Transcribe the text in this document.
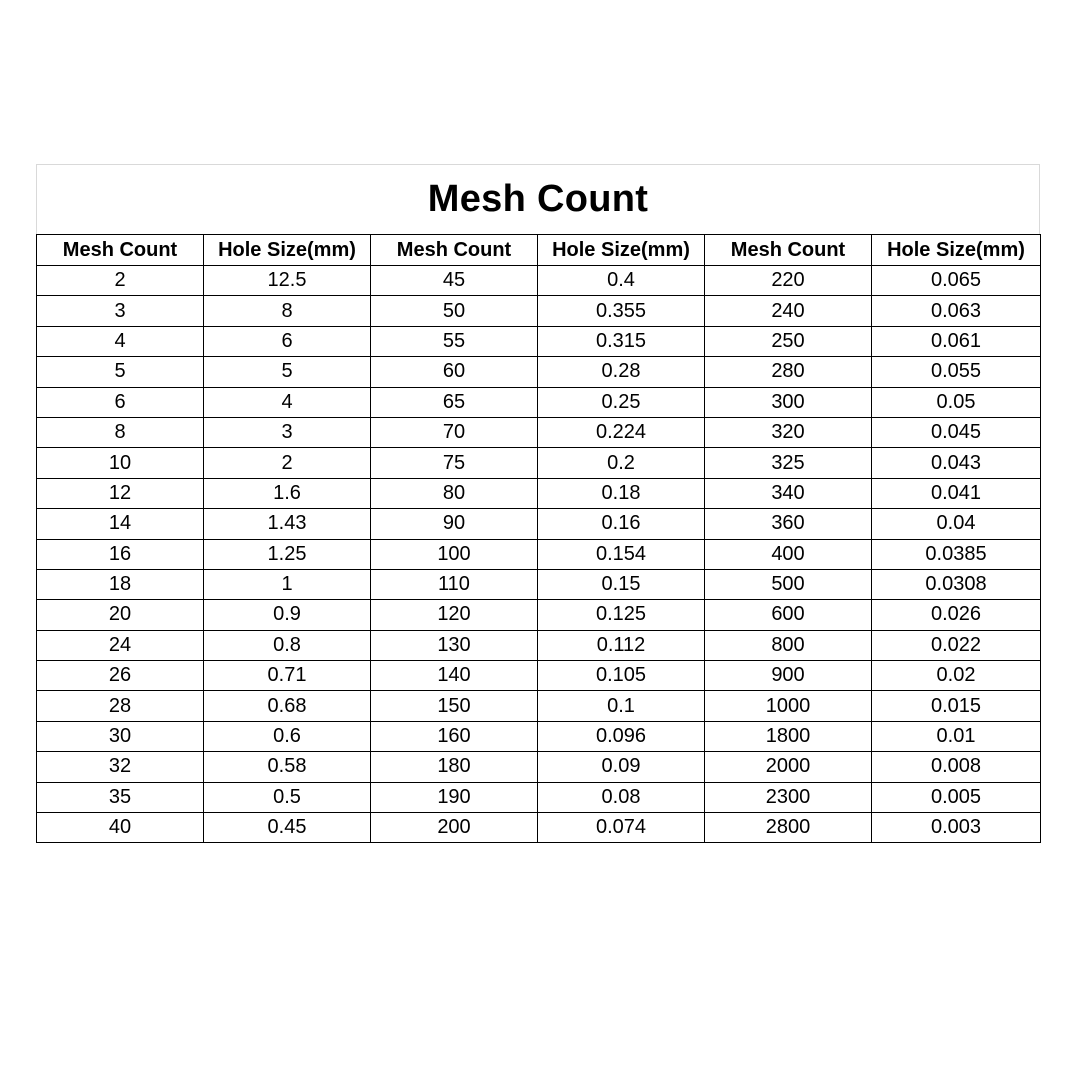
Mesh Count
Mesh Count	Hole Size(mm)	Mesh Count	Hole Size(mm)	Mesh Count	Hole Size(mm)
2	12.5	45	0.4	220	0.065
3	8	50	0.355	240	0.063
4	6	55	0.315	250	0.061
5	5	60	0.28	280	0.055
6	4	65	0.25	300	0.05
8	3	70	0.224	320	0.045
10	2	75	0.2	325	0.043
12	1.6	80	0.18	340	0.041
14	1.43	90	0.16	360	0.04
16	1.25	100	0.154	400	0.0385
18	1	110	0.15	500	0.0308
20	0.9	120	0.125	600	0.026
24	0.8	130	0.112	800	0.022
26	0.71	140	0.105	900	0.02
28	0.68	150	0.1	1000	0.015
30	0.6	160	0.096	1800	0.01
32	0.58	180	0.09	2000	0.008
35	0.5	190	0.08	2300	0.005
40	0.45	200	0.074	2800	0.003
